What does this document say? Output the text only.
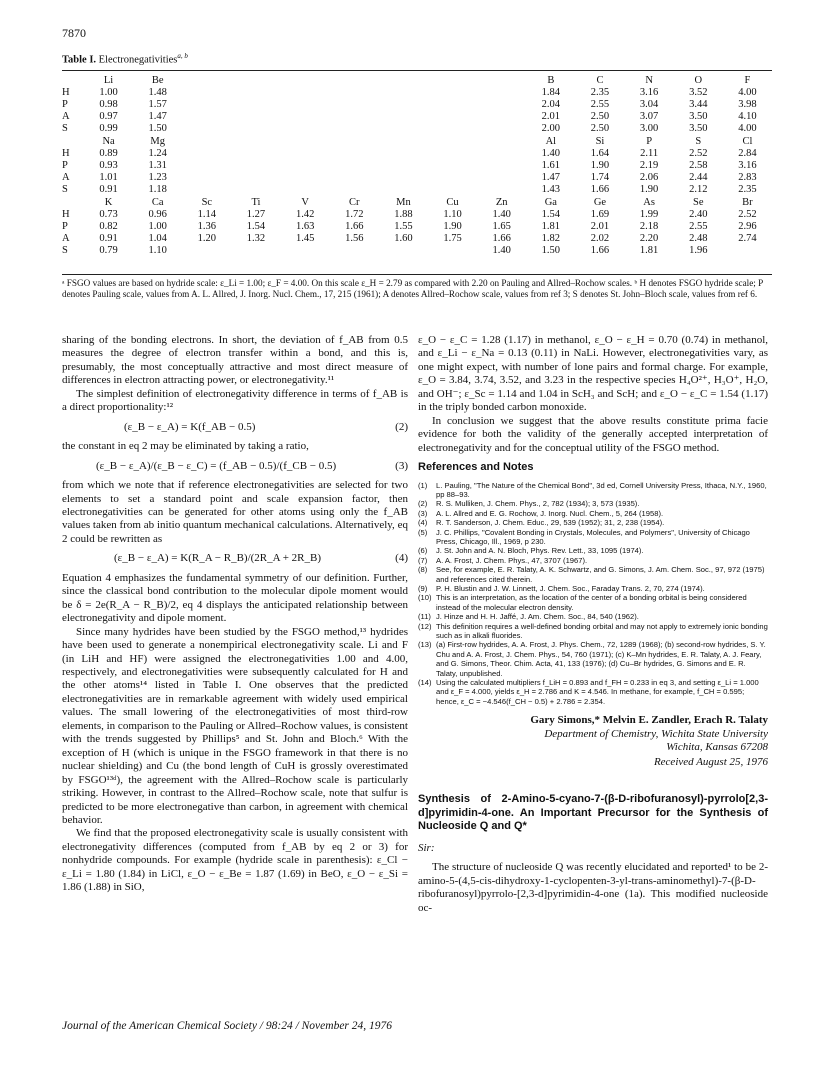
7870
Table I. Electronegativities$^{a, b}$
	Li	Be								B	C	N	O	F
H	1.00	1.48								1.84	2.35	3.16	3.52	4.00
P	0.98	1.57								2.04	2.55	3.04	3.44	3.98
A	0.97	1.47								2.01	2.50	3.07	3.50	4.10
S	0.99	1.50								2.00	2.50	3.00	3.50	4.00
	Na	Mg								Al	Si	P	S	Cl
H	0.89	1.24								1.40	1.64	2.11	2.52	2.84
P	0.93	1.31								1.61	1.90	2.19	2.58	3.16
A	1.01	1.23								1.47	1.74	2.06	2.44	2.83
S	0.91	1.18								1.43	1.66	1.90	2.12	2.35
	K	Ca	Sc	Ti	V	Cr	Mn	Cu	Zn	Ga	Ge	As	Se	Br
H	0.73	0.96	1.14	1.27	1.42	1.72	1.88	1.10	1.40	1.54	1.69	1.99	2.40	2.52
P	0.82	1.00	1.36	1.54	1.63	1.66	1.55	1.90	1.65	1.81	2.01	2.18	2.55	2.96
A	0.91	1.04	1.20	1.32	1.45	1.56	1.60	1.75	1.66	1.82	2.02	2.20	2.48	2.74
S	0.79	1.10							1.40	1.50	1.66	1.81	1.96	
ᵃ FSGO values are based on hydride scale: ε_Li = 1.00; ε_F = 4.00. On this scale ε_H = 2.79 as compared with 2.20 on Pauling and Allred–Rochow scales. ᵇ H denotes FSGO hydride scale; P denotes Pauling scale, values from A. L. Allred, J. Inorg. Nucl. Chem., 17, 215 (1961); A denotes Allred–Rochow scale, values from ref 3; S denotes St. John–Bloch scale, values from ref 6.

sharing of the bonding electrons. In short, the deviation of f_AB from 0.5 measures the degree of electron transfer within a bond, and this is, presumably, the most conceptually attractive and most direct measure of differences in electron attracting power, or electronegativity.¹¹

The simplest definition of electronegativity difference in terms of f_AB is a direct proportionality:¹²

(ε_B − ε_A) = K(f_AB − 0.5)	(2)

the constant in eq 2 may be eliminated by taking a ratio,

(ε_B − ε_A)/(ε_B − ε_C) = (f_AB − 0.5)/(f_CB − 0.5)	(3)

from which we note that if reference electronegativities are selected for two elements to set a standard point and scale expansion factor, then electronegativities can be generated for other atoms using only the f_AB values taken from ab initio quantum mechanical calculations. Alternatively, eq 2 could be rewritten as

(ε_B − ε_A) = K(R_A − R_B)/(2R_A + 2R_B)	(4)

Equation 4 emphasizes the fundamental symmetry of our definition. Further, since the classical bond contribution to the molecular dipole moment would be δ = 2e(R_A − R_B)/2, eq 4 displays the anticipated relationship between electronegativity and dipole moment.

Since many hydrides have been studied by the FSGO method,¹³ hydrides have been used to generate a nonempirical electronegativity scale. Li and F (in LiH and HF) were assigned the electronegativities 1.00 and 4.00, respectively, and electronegativities were subsequently calculated for H and the other atoms¹⁴ listed in Table I. One observes that the predicted electronegativities are in remarkable agreement with widely used empirical values. The small lowering of the electronegativities of most third-row elements, in comparison to the Pauling or Allred–Rochow values, is consistent with the trends suggested by Phillips⁵ and St. John and Bloch.⁶ With the exception of H (which is unique in the FSGO framework in that there is no nuclear shielding) and Cu (the bond length of CuH is grossly overestimated by FSGO¹³ᵈ), the agreement with the Allred–Rochow scale is particularly striking. However, in contrast to the Allred–Rochow scale, note that sulfur is predicted to be more electronegative than carbon, in agreement with chemical behavior.

We find that the proposed electronegativity scale is usually consistent with electronegativity differences (computed from f_AB by eq 2 or 3) for nonhydride compounds. For example (hydride scale in parenthesis): ε_Cl − ε_Li = 1.80 (1.84) in LiCl, ε_O − ε_Be = 1.87 (1.69) in BeO, ε_O − ε_Si = 1.86 (1.88) in SiO,

ε_O − ε_C = 1.28 (1.17) in methanol, ε_O − ε_H = 0.70 (0.74) in methanol, and ε_Li − ε_Na = 0.13 (0.11) in NaLi. However, electronegativities vary, as one might expect, with number of lone pairs and formal charge. For example, ε_O = 3.84, 3.74, 3.52, and 3.23 in the respective species H₄O²⁺, H₃O⁺, H₂O, and OH⁻; ε_Sc = 1.14 and 1.04 in ScH₃ and ScH; and ε_O − ε_C = 1.54 (1.17) in the triply bonded carbon monoxide.

In conclusion we suggest that the above results constitute prima facie evidence for both the validity of the generally accepted interpretation of electronegativity and for the conceptual utility of the FSGO method.

References and Notes
(1)	L. Pauling, "The Nature of the Chemical Bond", 3d ed, Cornell University Press, Ithaca, N.Y., 1960, pp 88–93.
(2)	R. S. Mulliken, J. Chem. Phys., 2, 782 (1934); 3, 573 (1935).
(3)	A. L. Allred and E. G. Rochow, J. Inorg. Nucl. Chem., 5, 264 (1958).
(4)	R. T. Sanderson, J. Chem. Educ., 29, 539 (1952); 31, 2, 238 (1954).
(5)	J. C. Phillips, "Covalent Bonding in Crystals, Molecules, and Polymers", University of Chicago Press, Chicago, Ill., 1969, p 230.
(6)	J. St. John and A. N. Bloch, Phys. Rev. Lett., 33, 1095 (1974).
(7)	A. A. Frost, J. Chem. Phys., 47, 3707 (1967).
(8)	See, for example, E. R. Talaty, A. K. Schwartz, and G. Simons, J. Am. Chem. Soc., 97, 972 (1975) and references cited therein.
(9)	P. H. Blustin and J. W. Linnett, J. Chem. Soc., Faraday Trans. 2, 70, 274 (1974).
(10) This is an interpretation, as the location of the center of a bonding orbital is being considered instead of the molecular electron density.
(11) J. Hinze and H. H. Jaffé, J. Am. Chem. Soc., 84, 540 (1962).
(12) This definition requires a well-defined bonding orbital and may not apply to extremely ionic bonding such as in alkali fluorides.
(13) (a) First-row hydrides, A. A. Frost, J. Phys. Chem., 72, 1289 (1968); (b) second-row hydrides, S. Y. Chu and A. A. Frost, J. Chem. Phys., 54, 760 (1971); (c) K–Mn hydrides, E. R. Talaty, A. J. Feary, and G. Simons, Theor. Chim. Acta, 41, 133 (1976); (d) Cu–Br hydrides, G. Simons and E. R. Talaty, unpublished.
(14) Using the calculated multipliers f_LiH = 0.893 and f_FH = 0.233 in eq 3, and setting ε_Li = 1.000 and ε_F = 4.000, yields ε_H = 2.786 and K = 4.546. In methane, for example, f_CH = 0.595; hence, ε_C = −4.546(f_CH − 0.5) + 2.786 = 2.354.
Gary Simons,* Melvin E. Zandler, Erach R. Talaty
Department of Chemistry, Wichita State University
Wichita, Kansas 67208
Received August 25, 1976
Synthesis of 2-Amino-5-cyano-7-(β-D-ribofuranosyl)-pyrrolo[2,3-d]pyrimidin-4-one. An Important Precursor for the Synthesis of Nucleoside Q and Q*
Sir:

The structure of nucleoside Q was recently elucidated and reported¹ to be 2-amino-5-(4,5-cis-dihydroxy-1-cyclopenten-3-yl-trans-aminomethyl)-7-(β-D-ribofuranosyl)pyrrolo-[2,3-d]pyrimidin-4-one (1a). This modified nucleoside oc-

Journal of the American Chemical Society / 98:24 / November 24, 1976
